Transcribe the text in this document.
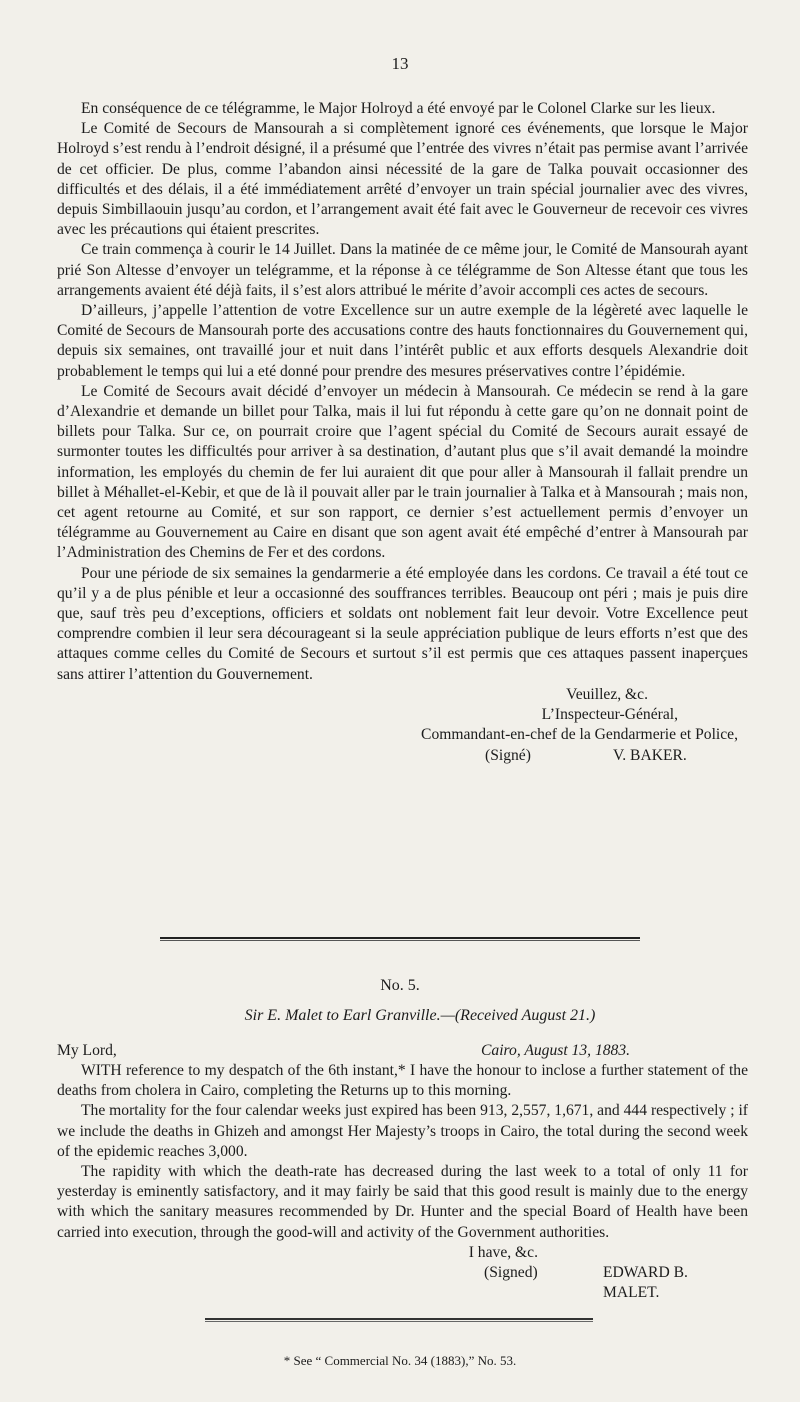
13

En conséquence de ce télégramme, le Major Holroyd a été envoyé par le Colonel Clarke sur les lieux.

Le Comité de Secours de Mansourah a si complètement ignoré ces événements, que lorsque le Major Holroyd s’est rendu à l’endroit désigné, il a présumé que l’entrée des vivres n’était pas permise avant l’arrivée de cet officier. De plus, comme l’abandon ainsi nécessité de la gare de Talka pouvait occasionner des difficultés et des délais, il a été immédiatement arrêté d’envoyer un train spécial journalier avec des vivres, depuis Simbillaouin jusqu’au cordon, et l’arrangement avait été fait avec le Gouverneur de recevoir ces vivres avec les précautions qui étaient prescrites.

Ce train commença à courir le 14 Juillet. Dans la matinée de ce même jour, le Comité de Mansourah ayant prié Son Altesse d’envoyer un telégramme, et la réponse à ce télégramme de Son Altesse étant que tous les arrangements avaient été déjà faits, il s’est alors attribué le mérite d’avoir accompli ces actes de secours.

D’ailleurs, j’appelle l’attention de votre Excellence sur un autre exemple de la légèreté avec laquelle le Comité de Secours de Mansourah porte des accusations contre des hauts fonctionnaires du Gouvernement qui, depuis six semaines, ont travaillé jour et nuit dans l’intérêt public et aux efforts desquels Alexandrie doit probablement le temps qui lui a eté donné pour prendre des mesures préservatives contre l’épidémie.

Le Comité de Secours avait décidé d’envoyer un médecin à Mansourah. Ce médecin se rend à la gare d’Alexandrie et demande un billet pour Talka, mais il lui fut répondu à cette gare qu’on ne donnait point de billets pour Talka. Sur ce, on pourrait croire que l’agent spécial du Comité de Secours aurait essayé de surmonter toutes les difficultés pour arriver à sa destination, d’autant plus que s’il avait demandé la moindre information, les employés du chemin de fer lui auraient dit que pour aller à Mansourah il fallait prendre un billet à Méhallet-el-Kebir, et que de là il pouvait aller par le train journalier à Talka et à Mansourah ; mais non, cet agent retourne au Comité, et sur son rapport, ce dernier s’est actuellement permis d’envoyer un télégramme au Gouvernement au Caire en disant que son agent avait été empêché d’entrer à Mansourah par l’Administration des Chemins de Fer et des cordons.

Pour une période de six semaines la gendarmerie a été employée dans les cordons. Ce travail a été tout ce qu’il y a de plus pénible et leur a occasionné des souffrances terribles. Beaucoup ont péri ; mais je puis dire que, sauf très peu d’exceptions, officiers et soldats ont noblement fait leur devoir. Votre Excellence peut comprendre combien il leur sera décourageant si la seule appréciation publique de leurs efforts n’est que des attaques comme celles du Comité de Secours et surtout s’il est permis que ces attaques passent inaperçues sans attirer l’attention du Gouvernement.

Veuillez, &c.
L’Inspecteur-Général,
Commandant-en-chef de la Gendarmerie et Police,
(Signé)	V. BAKER.
No. 5.
Sir E. Malet to Earl Granville.—(Received August 21.)
My Lord,	Cairo, August 13, 1883.

WITH reference to my despatch of the 6th instant,* I have the honour to inclose a further statement of the deaths from cholera in Cairo, completing the Returns up to this morning.

The mortality for the four calendar weeks just expired has been 913, 2,557, 1,671, and 444 respectively ; if we include the deaths in Ghizeh and amongst Her Majesty’s troops in Cairo, the total during the second week of the epidemic reaches 3,000.

The rapidity with which the death-rate has decreased during the last week to a total of only 11 for yesterday is eminently satisfactory, and it may fairly be said that this good result is mainly due to the energy with which the sanitary measures recommended by Dr. Hunter and the special Board of Health have been carried into execution, through the good-will and activity of the Government authorities.

I have, &c.
(Signed)	EDWARD B. MALET.
* See “ Commercial No. 34 (1883),” No. 53.
